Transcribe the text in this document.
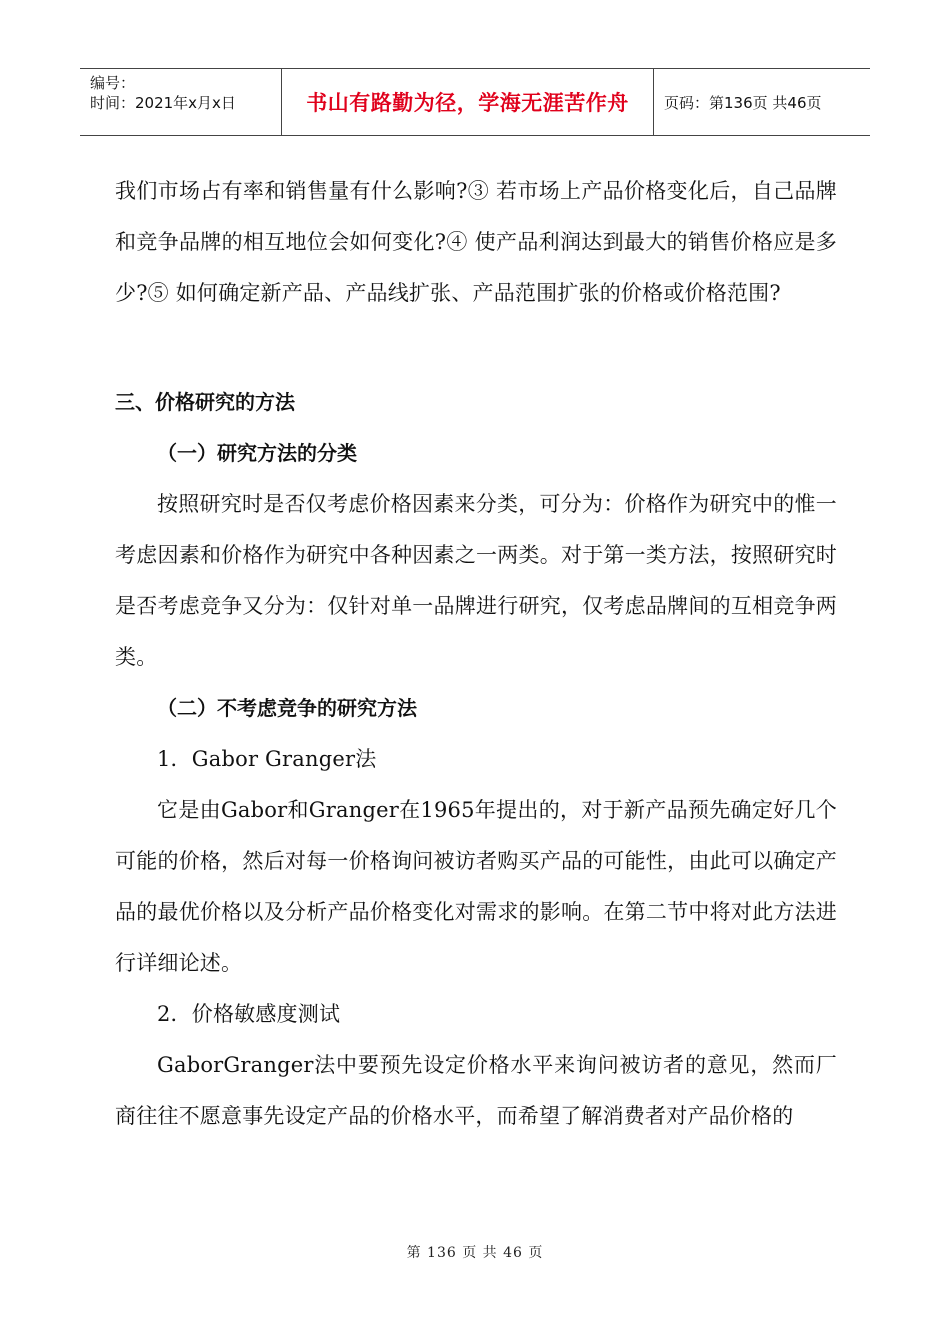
编号：
时间：2021年x月x日	书山有路勤为径，学海无涯苦作舟	页码：第136页 共46页

我们市场占有率和销售量有什么影响?③ 若市场上产品价格变化后，自己品牌和竞争品牌的相互地位会如何变化?④ 使产品利润达到最大的销售价格应是多少?⑤ 如何确定新产品、产品线扩张、产品范围扩张的价格或价格范围?

三、价格研究的方法

（一）研究方法的分类

按照研究时是否仅考虑价格因素来分类，可分为：价格作为研究中的惟一考虑因素和价格作为研究中各种因素之一两类。对于第一类方法，按照研究时是否考虑竞争又分为：仅针对单一品牌进行研究，仅考虑品牌间的互相竞争两类。

（二）不考虑竞争的研究方法

1．Gabor Granger法

它是由Gabor和Granger在1965年提出的，对于新产品预先确定好几个可能的价格，然后对每一价格询问被访者购买产品的可能性，由此可以确定产品的最优价格以及分析产品价格变化对需求的影响。在第二节中将对此方法进行详细论述。

2．价格敏感度测试

GaborGranger法中要预先设定价格水平来询问被访者的意见，然而厂商往往不愿意事先设定产品的价格水平，而希望了解消费者对产品价格的

第 136 页 共 46 页
